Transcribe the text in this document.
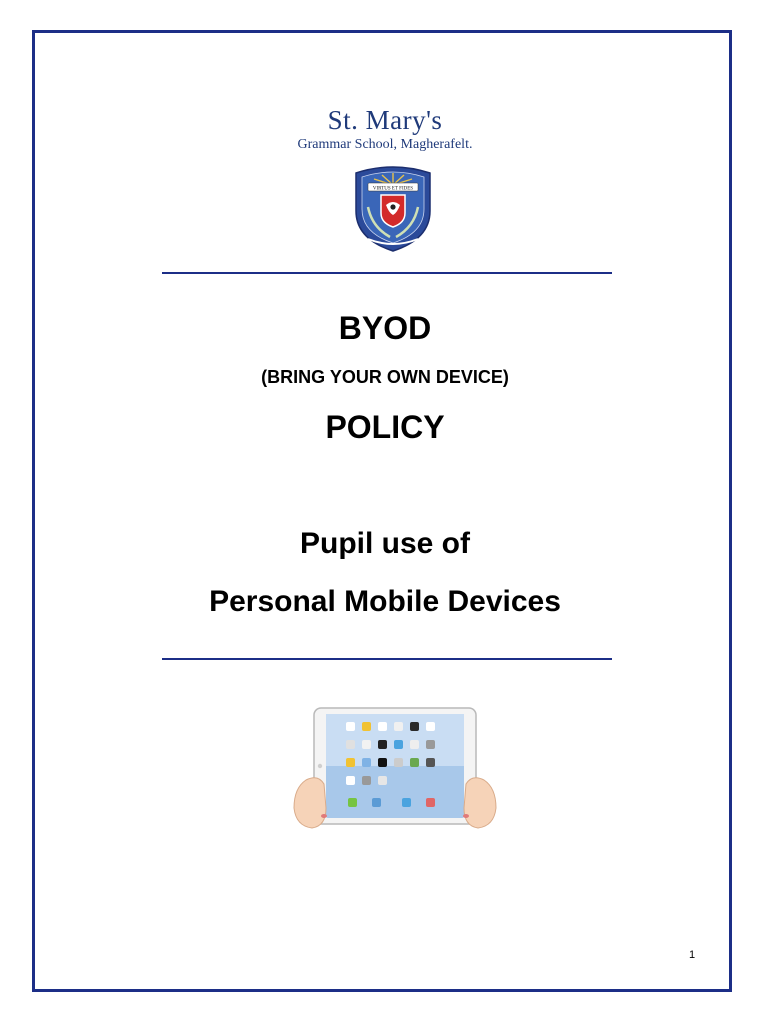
St. Mary's
Grammar School, Magherafelt.
VIRTUS ET FIDES
BYOD
(BRING YOUR OWN DEVICE)
POLICY
Pupil use of
Personal Mobile Devices
1
